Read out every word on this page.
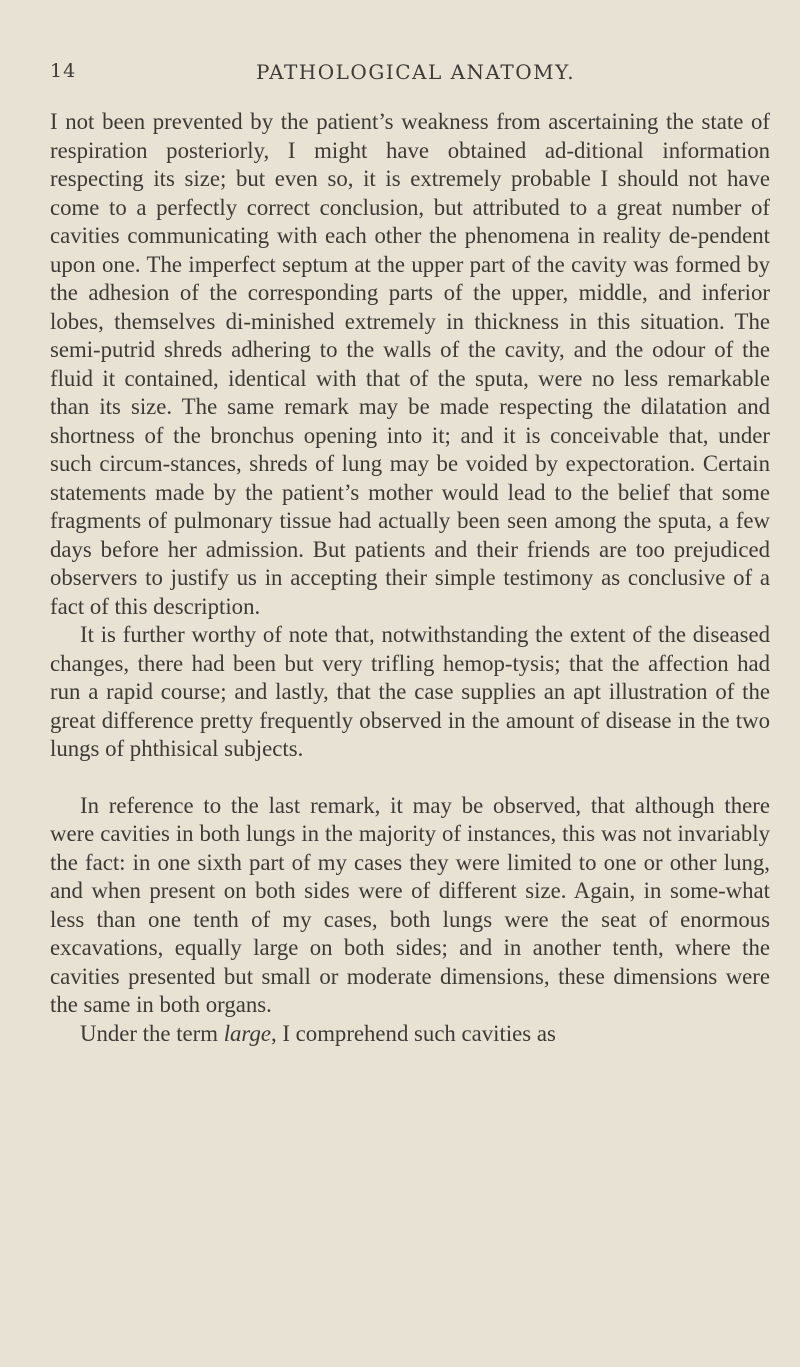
14	PATHOLOGICAL ANATOMY.

I not been prevented by the patient’s weakness from ascertaining the state of respiration posteriorly, I might have obtained ad-ditional information respecting its size; but even so, it is extremely probable I should not have come to a perfectly correct conclusion, but attributed to a great number of cavities communicating with each other the phenomena in reality de-pendent upon one. The imperfect septum at the upper part of the cavity was formed by the adhesion of the corresponding parts of the upper, middle, and inferior lobes, themselves di-minished extremely in thickness in this situation. The semi-putrid shreds adhering to the walls of the cavity, and the odour of the fluid it contained, identical with that of the sputa, were no less remarkable than its size. The same remark may be made respecting the dilatation and shortness of the bronchus opening into it; and it is conceivable that, under such circum-stances, shreds of lung may be voided by expectoration. Certain statements made by the patient’s mother would lead to the belief that some fragments of pulmonary tissue had actually been seen among the sputa, a few days before her admission. But patients and their friends are too prejudiced observers to justify us in accepting their simple testimony as conclusive of a fact of this description.

It is further worthy of note that, notwithstanding the extent of the diseased changes, there had been but very trifling hemop-tysis; that the affection had run a rapid course; and lastly, that the case supplies an apt illustration of the great difference pretty frequently observed in the amount of disease in the two lungs of phthisical subjects.

In reference to the last remark, it may be observed, that although there were cavities in both lungs in the majority of instances, this was not invariably the fact: in one sixth part of my cases they were limited to one or other lung, and when present on both sides were of different size. Again, in some-what less than one tenth of my cases, both lungs were the seat of enormous excavations, equally large on both sides; and in another tenth, where the cavities presented but small or moderate dimensions, these dimensions were the same in both organs.

Under the term large, I comprehend such cavities as
